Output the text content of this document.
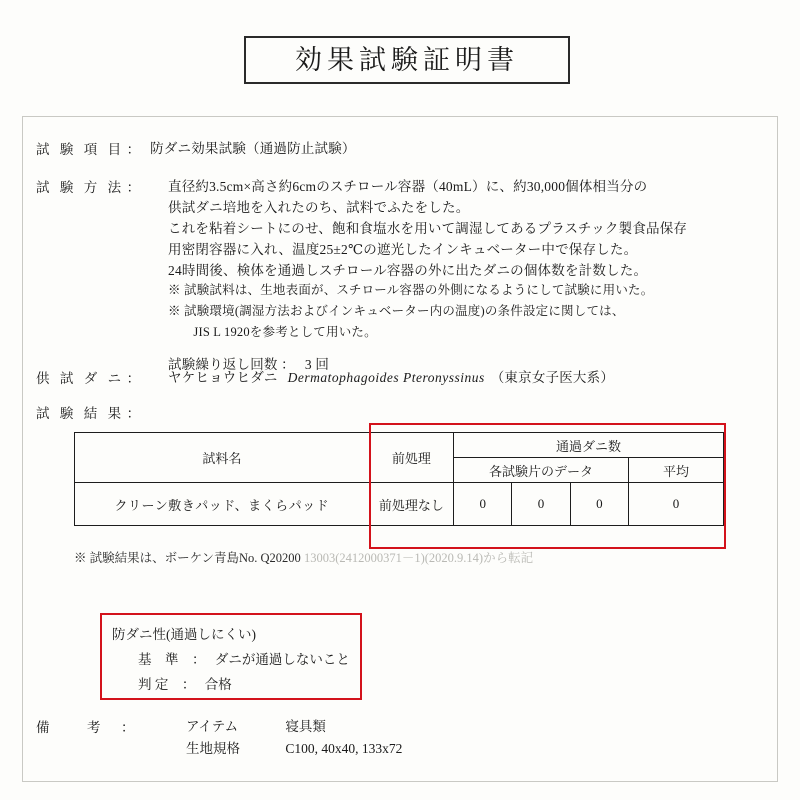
効果試験証明書
試 験 項 目 ： 防ダニ効果試験（通過防止試験）
試 験 方 法 ： 直径約3.5cm×高さ約6cmのスチロール容器（40mL）に、約30,000個体相当分の
供試ダニ培地を入れたのち、試料でふたをした。
これを粘着シートにのせ、飽和食塩水を用いて調湿してあるプラスチック製食品保存
用密閉容器に入れ、温度25±2℃の遮光したインキュベーター中で保存した。
24時間後、検体を通過しスチロール容器の外に出たダニの個体数を計数した。
※ 試験試料は、生地表面が、スチロール容器の外側になるようにして試験に用いた。
※ 試験環境(調湿方法およびインキュベーター内の温度)の条件設定に関しては、
　　JIS L 1920を参考として用いた。
試験繰り返し回数 ： 3 回
供 試 ダ ニ ： ヤケヒョウヒダニ Dermatophagoides Pteronyssinus （東京女子医大系）
試 験 結 果 ：
試料名	前処理	通過ダニ数			
		各試験片のデータ			平均
クリーン敷きパッド、まくらパッド	前処理なし	0	0	0	0
※ 試験結果は、ボーケン青島No. Q20200 13003(2412000371－1)(2020.9.14)から転記
防ダニ性(通過しにくい)
基　準　： ダニが通過しないこと
判 定　： 合格
備　　考　：	アイテム	寝具類
生地規格	C100, 40x40, 133x72
